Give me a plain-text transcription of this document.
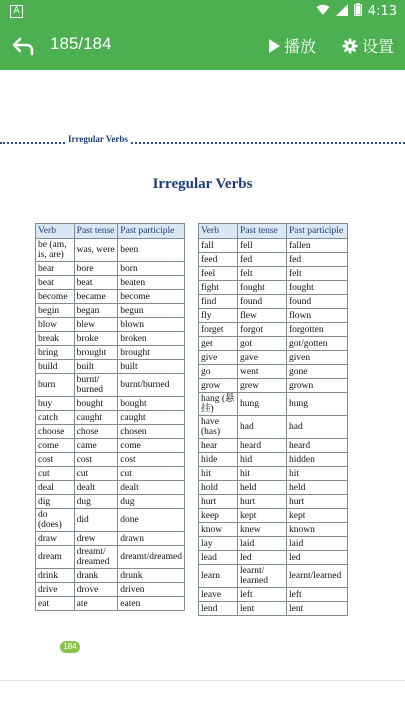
A	4:13
185/184	播放	设置
Irregular Verbs
Irregular Verbs
Verb	Past tense	Past participle
be (am, is, are)	was, were	been
bear	bore	born
beat	beat	beaten
become	became	become
begin	began	begun
blow	blew	blown
break	broke	broken
bring	brought	brought
build	built	built
burn	burnt/ burned	burnt/burned
buy	bought	bought
catch	caught	caught
choose	chose	chosen
come	came	come
cost	cost	cost
cut	cut	cut
deal	dealt	dealt
dig	dug	dug
do (does)	did	done
draw	drew	drawn
dream	dreamt/ dreamed	dreamt/dreamed
drink	drank	drunk
drive	drove	driven
eat	ate	eaten
Verb	Past tense	Past participle
fall	fell	fallen
feed	fed	fed
feel	felt	felt
fight	fought	fought
find	found	found
fly	flew	flown
forget	forgot	forgotten
get	got	got/gotten
give	gave	given
go	went	gone
grow	grew	grown
hang (悬挂)	hung	hung
have (has)	had	had
hear	heard	heard
hide	hid	hidden
hit	hit	hit
hold	held	held
hurt	hurt	hurt
keep	kept	kept
know	knew	known
lay	laid	laid
lead	led	led
learn	learnt/ learned	learnt/learned
leave	left	left
lend	lent	lent
184
